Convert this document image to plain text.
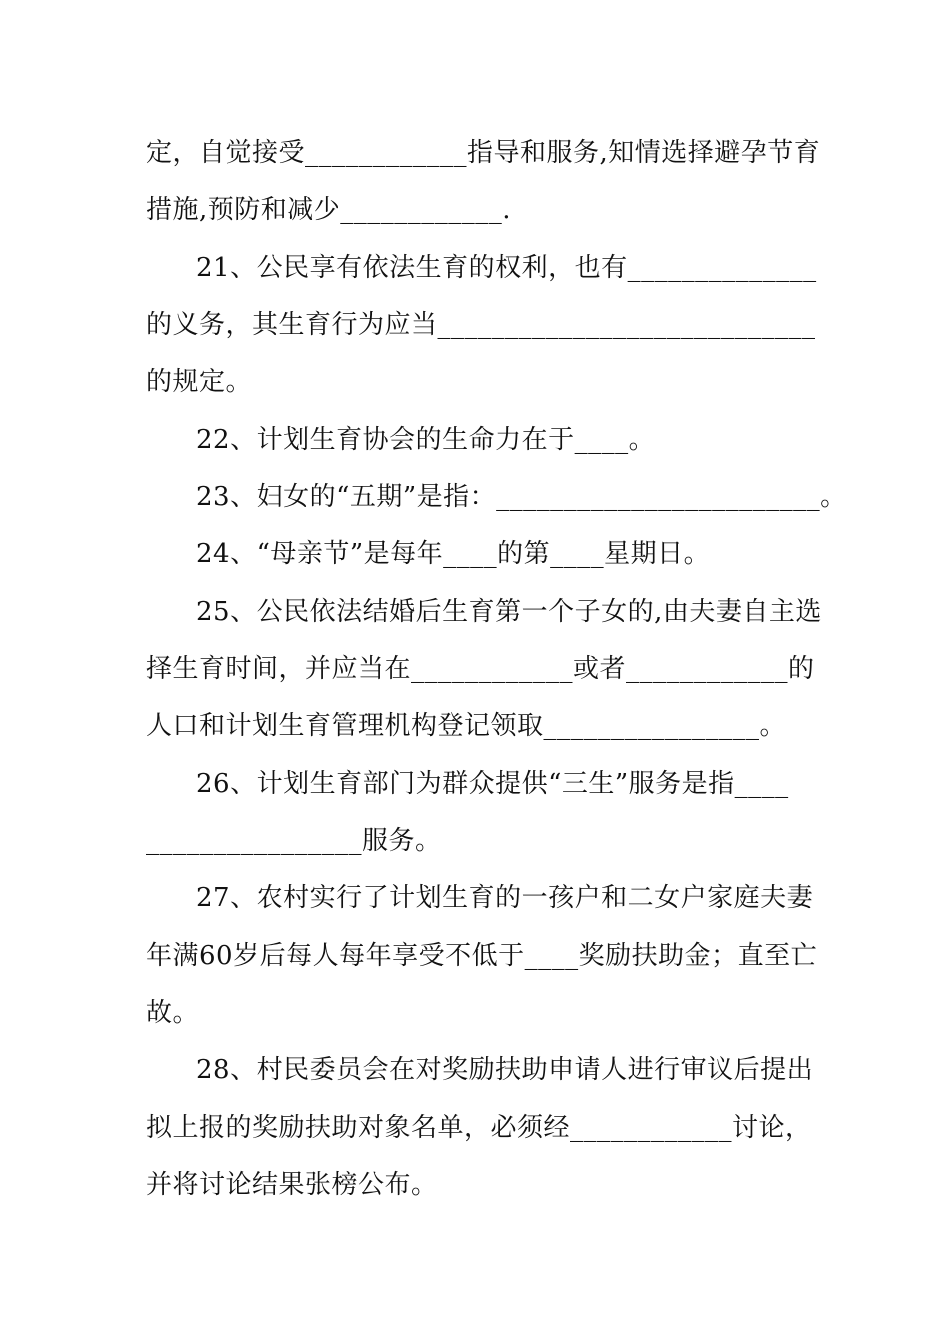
定，自觉接受____________指导和服务,知情选择避孕节育
措施,预防和减少____________.
21、公民享有依法生育的权利，也有______________
的义务，其生育行为应当____________________________
的规定。
22、计划生育协会的生命力在于____。
23、妇女的“五期”是指：________________________。
24、“母亲节”是每年____的第____星期日。
25、公民依法结婚后生育第一个子女的,由夫妻自主选
择生育时间，并应当在____________或者____________的
人口和计划生育管理机构登记领取________________。
26、计划生育部门为群众提供“三生”服务是指____
________________服务。
27、农村实行了计划生育的一孩户和二女户家庭夫妻
年满60岁后每人每年享受不低于____奖励扶助金；直至亡
故。
28、村民委员会在对奖励扶助申请人进行审议后提出
拟上报的奖励扶助对象名单，必须经____________讨论，
并将讨论结果张榜公布。
